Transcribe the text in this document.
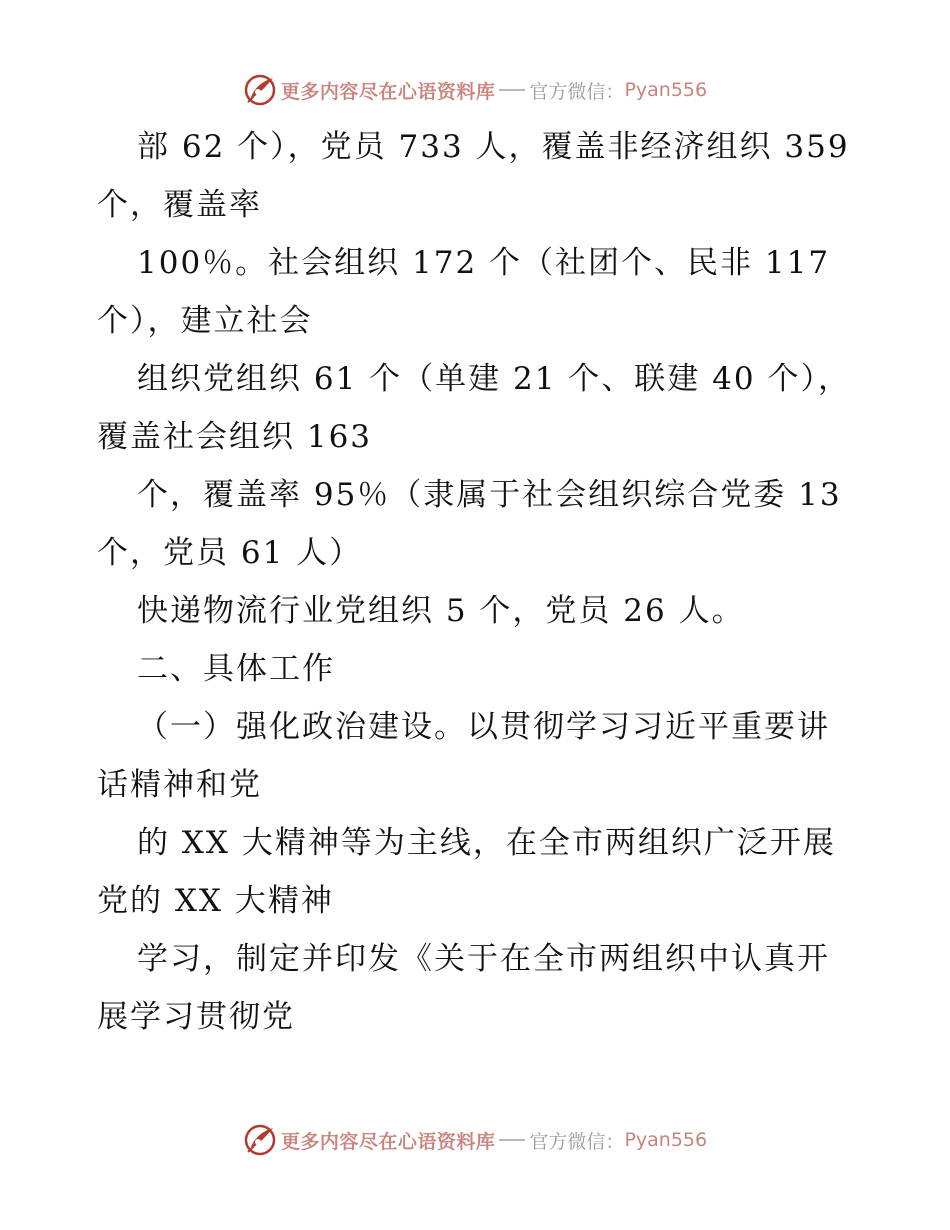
更多内容尽在心语资料库 官方微信： Pyan556
部 62 个），党员 733 人，覆盖非经济组织 359
个，覆盖率
100％。社会组织 172 个（社团个、民非 117
个），建立社会
组织党组织 61 个（单建 21 个、联建 40 个），
覆盖社会组织 163
个，覆盖率 95％（隶属于社会组织综合党委 13
个，党员 61 人）
快递物流行业党组织 5 个，党员 26 人。
二、具体工作
（一）强化政治建设。以贯彻学习习近平重要讲
话精神和党
的 XX 大精神等为主线，在全市两组织广泛开展
党的 XX 大精神
学习，制定并印发《关于在全市两组织中认真开
展学习贯彻党
更多内容尽在心语资料库 官方微信： Pyan556
